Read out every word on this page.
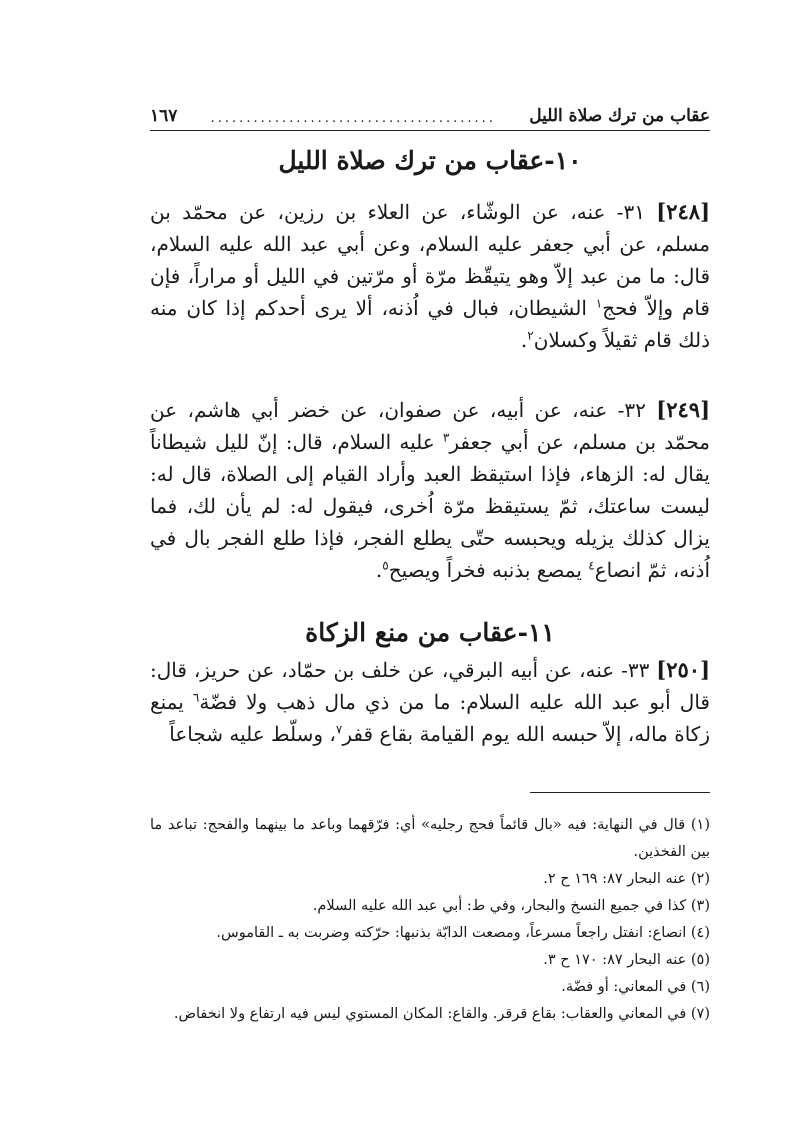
عقاب من ترك صلاة الليل
........................................
١٦٧
١٠-عقاب من ترك صلاة الليل

[٢٤٨] ٣١- عنه، عن الوشّاء، عن العلاء بن رزين، عن محمّد بن مسلم، عن أبي جعفر عليه السلام، وعن أبي عبد الله عليه السلام، قال: ما من عبد إلاّ وهو يتيقّظ مرّة أو مرّتين في الليل أو مراراً، فإن قام وإلاّ فحج$^١$ الشيطان، فبال في اُذنه، ألا يرى أحدكم إذا كان منه ذلك قام ثقيلاً وكسلان$^٢$.

[٢٤٩] ٣٢- عنه، عن أبيه، عن صفوان، عن خضر أبي هاشم، عن محمّد بن مسلم، عن أبي جعفر$^٣$ عليه السلام، قال: إنّ لليل شيطاناً يقال له: الزهاء، فإذا استيقظ العبد وأراد القيام إلى الصلاة، قال له: ليست ساعتك، ثمّ يستيقظ مرّة اُخرى، فيقول له: لم يأن لك، فما يزال كذلك يزيله ويحبسه حتّى يطلع الفجر، فإذا طلع الفجر بال في اُذنه، ثمّ انصاع$^٤$ يمصع بذنبه فخراً ويصيح$^٥$.

١١-عقاب من منع الزكاة

[٢٥٠] ٣٣- عنه، عن أبيه البرقي، عن خلف بن حمّاد، عن حريز، قال: قال أبو عبد الله عليه السلام: ما من ذي مال ذهب ولا فضّة$^٦$ يمنع زكاة ماله، إلاّ حبسه الله يوم القيامة بقاع قفر$^٧$، وسلّط عليه شجاعاً

(١) قال في النهاية: فيه «بال قائماً فحج رجليه» أي: فرّقهما وباعد ما بينهما والفحج: تباعد ما بين الفخذين.
(٢) عنه البحار ٨٧: ١٦٩ ح ٢.
(٣) كذا في جميع النسخ والبحار، وفي ط: أبي عبد الله عليه السلام.
(٤) انصاع: انفتل راجعاً مسرعاً، ومصعت الدابّة بذنبها: حرّكته وضربت به ـ القاموس.
(٥) عنه البحار ٨٧: ١٧٠ ح ٣.
(٦) في المعاني: أو فضّة.
(٧) في المعاني والعقاب: بقاع قرقر. والقاع: المكان المستوي ليس فيه ارتفاع ولا انخفاض.
